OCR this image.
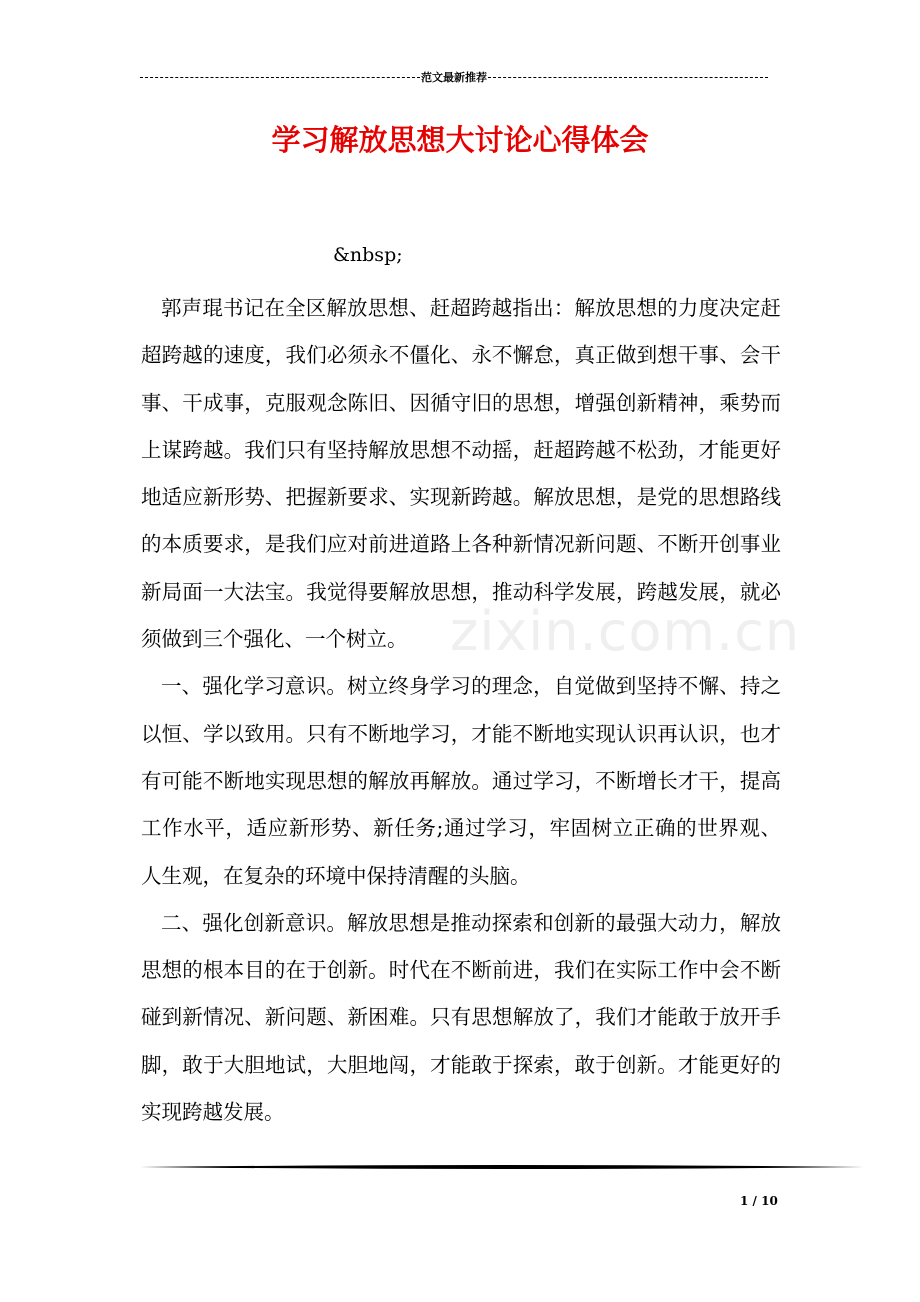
范文最新推荐
学习解放思想大讨论心得体会
&nbsp;

郭声琨书记在全区解放思想、赶超跨越指出：解放思想的力度决定赶超跨越的速度，我们必须永不僵化、永不懈怠，真正做到想干事、会干事、干成事，克服观念陈旧、因循守旧的思想，增强创新精神，乘势而上谋跨越。我们只有坚持解放思想不动摇，赶超跨越不松劲，才能更好地适应新形势、把握新要求、实现新跨越。解放思想，是党的思想路线的本质要求，是我们应对前进道路上各种新情况新问题、不断开创事业新局面一大法宝。我觉得要解放思想，推动科学发展，跨越发展，就必须做到三个强化、一个树立。

一、强化学习意识。树立终身学习的理念，自觉做到坚持不懈、持之以恒、学以致用。只有不断地学习，才能不断地实现认识再认识，也才有可能不断地实现思想的解放再解放。通过学习，不断增长才干，提高工作水平，适应新形势、新任务;通过学习，牢固树立正确的世界观、人生观，在复杂的环境中保持清醒的头脑。

二、强化创新意识。解放思想是推动探索和创新的最强大动力，解放思想的根本目的在于创新。时代在不断前进，我们在实际工作中会不断碰到新情况、新问题、新困难。只有思想解放了，我们才能敢于放开手脚，敢于大胆地试，大胆地闯，才能敢于探索，敢于创新。才能更好的实现跨越发展。

zixin.com.cn
1 / 10
